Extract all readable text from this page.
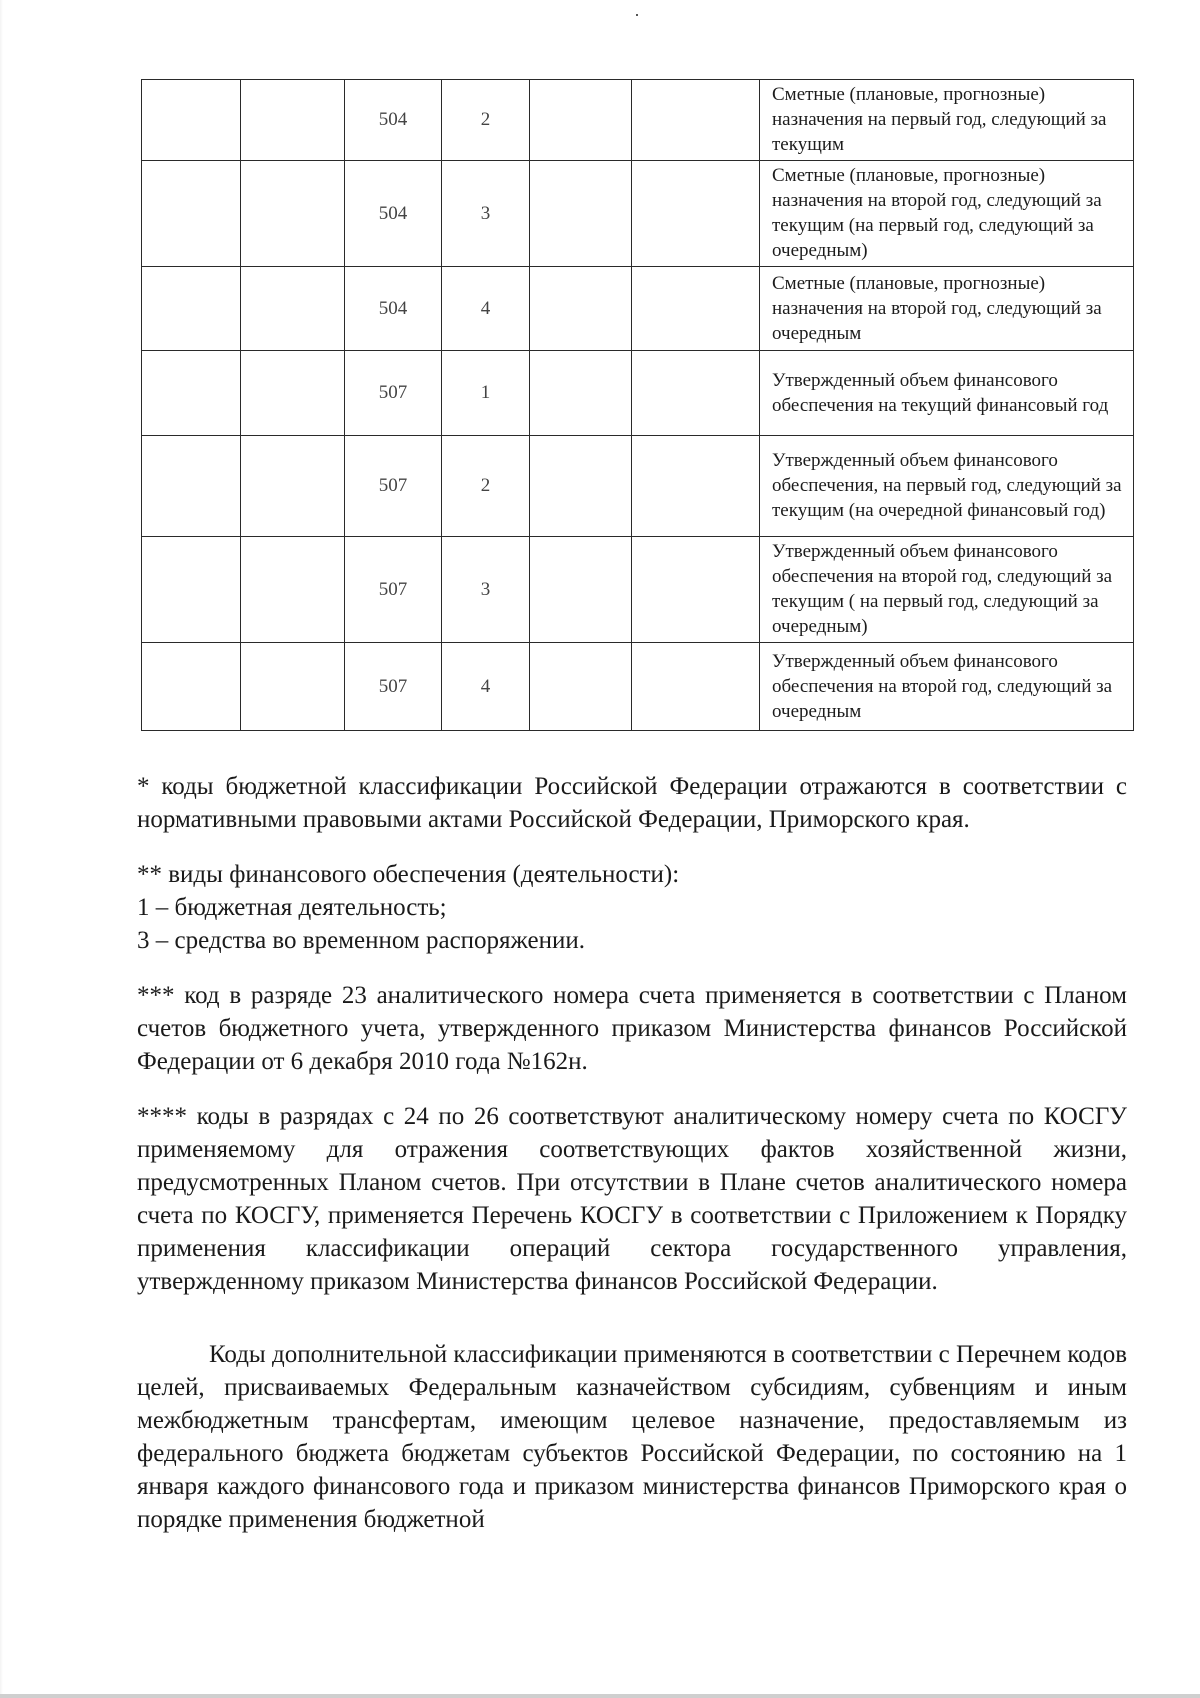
		504	2			Сметные (плановые, прогнозные) назначения на первый год, следующий за текущим
		504	3			Сметные (плановые, прогнозные) назначения на второй год, следующий за текущим (на первый год, следующий за очередным)
		504	4			Сметные (плановые, прогнозные) назначения на второй год, следующий за очередным
		507	1			Утвержденный объем финансового обеспечения на текущий финансовый год
		507	2			Утвержденный объем финансового обеспечения, на первый год, следующий за текущим (на очередной финансовый год)
		507	3			Утвержденный объем финансового обеспечения на второй год, следующий за текущим ( на первый год, следующий за очередным)
		507	4			Утвержденный объем финансового обеспечения на второй год, следующий за очередным

* коды бюджетной классификации Российской Федерации отражаются в соответствии с нормативными правовыми актами Российской Федерации, Приморского края.

** виды финансового обеспечения (деятельности):

1 – бюджетная деятельность;

3 – средства во временном распоряжении.

*** код в разряде 23 аналитического номера счета применяется в соответствии с Планом счетов бюджетного учета, утвержденного приказом Министерства финансов Российской Федерации от 6 декабря 2010 года №162н.

**** коды в разрядах с 24 по 26 соответствуют аналитическому номеру счета по КОСГУ применяемому для отражения соответствующих фактов хозяйственной жизни, предусмотренных Планом счетов. При отсутствии в Плане счетов аналитического номера счета по КОСГУ, применяется Перечень КОСГУ в соответствии с Приложением к Порядку применения классификации операций сектора государственного управления, утвержденному приказом Министерства финансов Российской Федерации.

Коды дополнительной классификации применяются в соответствии с Перечнем кодов целей, присваиваемых Федеральным казначейством субсидиям, субвенциям и иным межбюджетным трансфертам, имеющим целевое назначение, предоставляемым из федерального бюджета бюджетам субъектов Российской Федерации, по состоянию на 1 января каждого финансового года и приказом министерства финансов Приморского края о порядке применения бюджетной
